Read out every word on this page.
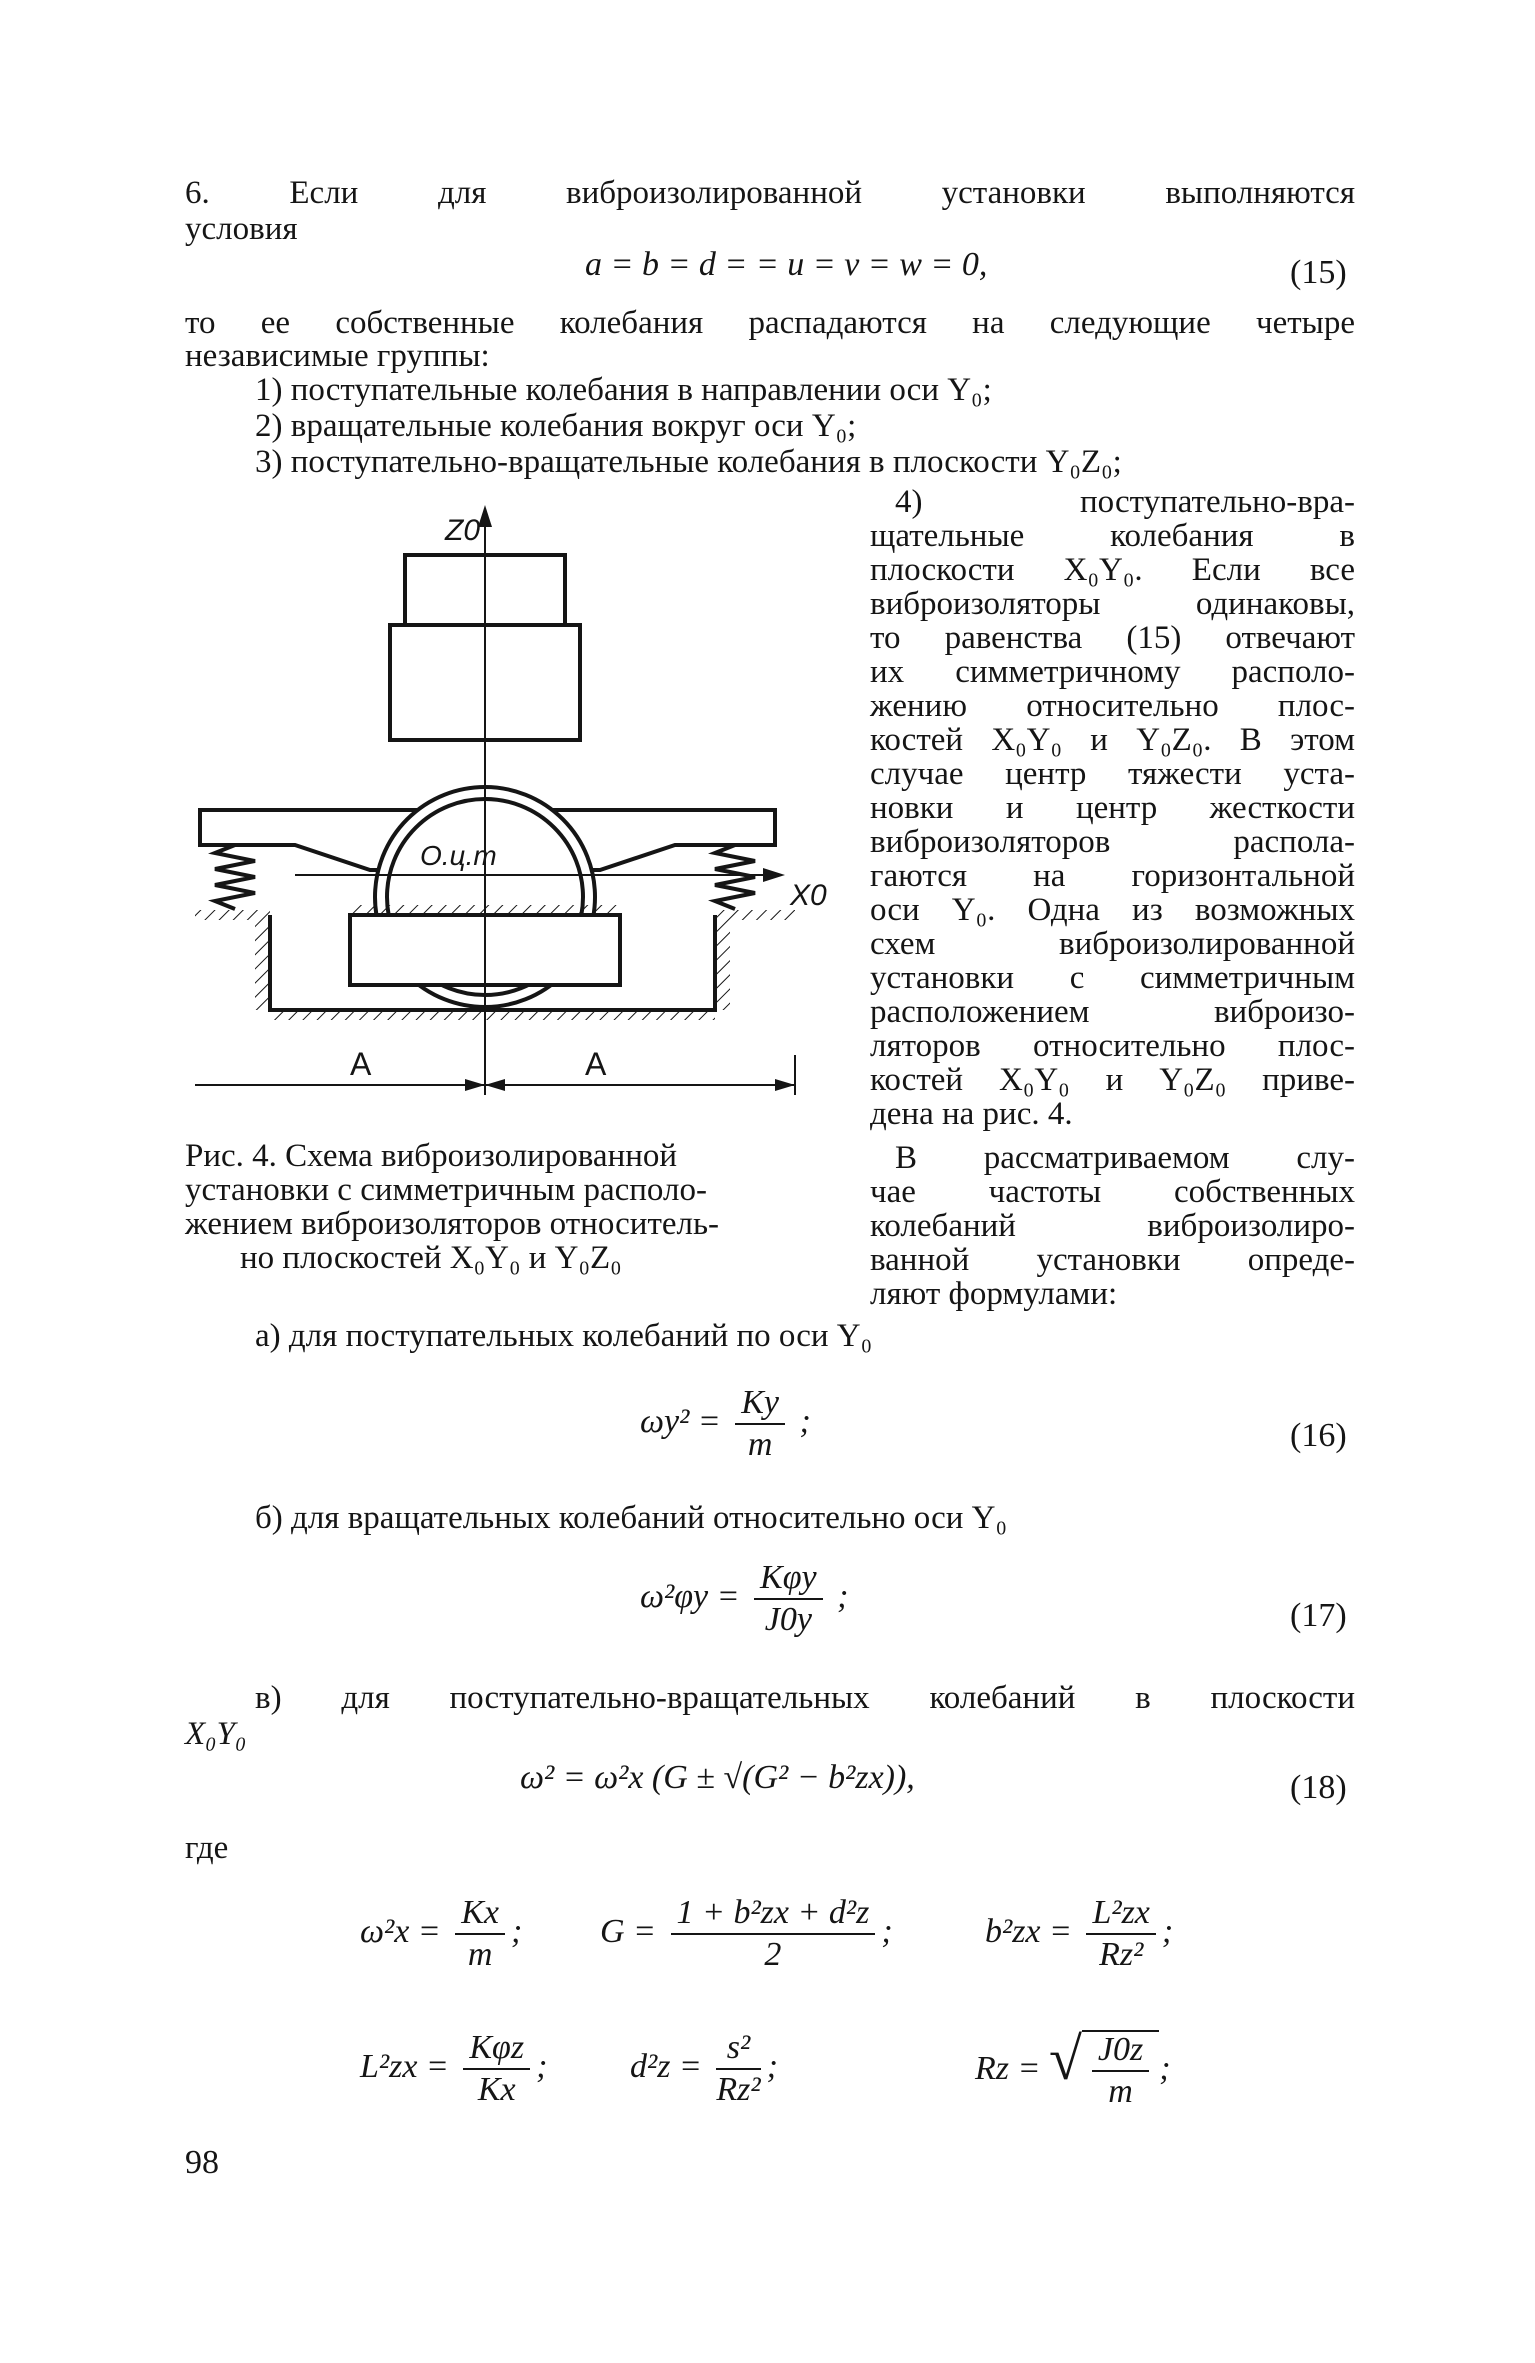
6. Если для виброизолированной установки выполняются
условия
a = b = d = = u = v = w = 0,	(15)
то ее собственные колебания распадаются на следующие четыре
независимые группы:
1) поступательные колебания в направлении оси Y₀;
2) вращательные колебания вокруг оси Y₀;
3) поступательно-вращательные колебания в плоскости Y₀Z₀;
4) поступательно-вра-
щательные колебания в
плоскости X₀Y₀. Если все
виброизоляторы одинаковы,
то равенства (15) отвечают
их симметричному располо-
жению относительно плос-
костей X₀Y₀ и Y₀Z₀. В этом
случае центр тяжести уста-
новки и центр жесткости
виброизоляторов распола-
гаются на горизонтальной
оси Y₀. Одна из возможных
схем виброизолированной
установки с симметричным
расположением виброизо-
ляторов относительно плос-
костей X₀Y₀ и Y₀Z₀ приве-
дена на рис. 4.
В рассматриваемом слу-
чае частоты собственных
колебаний виброизолиро-
ванной установки опреде-
ляют формулами:
Z0
X0
О.ц.т
A	A
Рис. 4. Схема виброизолированной
установки с симметричным располо-
жением виброизоляторов относитель-
но плоскостей X₀Y₀ и Y₀Z₀
а) для поступательных колебаний по оси Y₀
$\omega y^2 = \frac{Ky}{m}$ ;	(16)
б) для вращательных колебаний относительно оси Y₀
$\omega^2\varphi y = \frac{\text{Kφy}}{J0y}$ ;
(17)
в) для поступательно-вращательных колебаний в плоскости
X₀Y₀
ω² = ω²x (G ± √(G² − b²zx)),	(18)
где
$\omega^2x = \frac{Kx}{m}$ ; $G = \frac{\text{1 + b²zx + d²z}}{2}$ ;	$b^2zx = \frac{\text{L²zx}}{\text{Rz²}}$ ;
$L^2zx = \frac{\text{Kφz}}{Kx}$ ; $d^2z = \frac{\text{s²}}{\text{Rz²}}$ ;	Rz = √ $\frac{J0z}{m}$ ;
98
